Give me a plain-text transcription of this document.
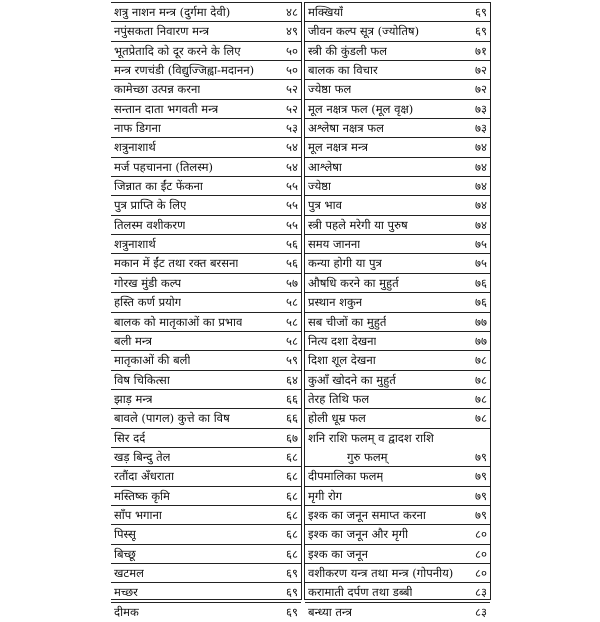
शत्रु नाशन मन्त्र (दुर्गमा देवी)	४८
नपुंसकता निवारण मन्त्र	४९
भूतप्रेतादि को दूर करने के लिए	५०
मन्त्र रणचंडी (विद्युज्जिह्वा-मदानन)	५०
कामेच्छा उत्पन्न करना	५२
सन्तान दाता भगवती मन्त्र	५२
नाफ डिगना	५३
शत्रुनाशार्थ	५४
मर्ज पहचानना (तिलस्म)	५४
जिन्नात का ईंट फेंकना	५५
पुत्र प्राप्ति के लिए	५५
तिलस्म वशीकरण	५५
शत्रुनाशार्थ	५६
मकान में ईंट तथा रक्त बरसना	५६
गोरख मुंडी कल्प	५७
हस्ति कर्ण प्रयोग	५८
बालक को मातृकाओं का प्रभाव	५८
बली मन्त्र	५८
मातृकाओं की बली	५९
विष चिकित्सा	६४
झाड़ मन्त्र	६६
बावले (पागल) कुत्ते का विष	६६
सिर दर्द	६७
खड़ बिन्दु तेल	६८
रतौंदा अँधराता	६८
मस्तिष्क कृमि	६८
साँप भगाना	६८
पिस्सू	६८
बिच्छू	६८
खटमल	६९
मच्छर	६९
दीमक	६९
मक्खियाँ	६९
जीवन कल्प सूत्र (ज्योतिष)	६९
स्त्री की कुंडली फल	७१
बालक का विचार	७२
ज्येष्ठा फल	७२
मूल नक्षत्र फल (मूल वृक्ष)	७३
अश्लेषा नक्षत्र फल	७३
मूल नक्षत्र मन्त्र	७४
आश्लेषा	७४
ज्येष्ठा	७४
पुत्र भाव	७४
स्त्री पहले मरेगी या पुरुष	७४
समय जानना	७५
कन्या होगी या पुत्र	७५
औषधि करने का मुहुर्त	७६
प्रस्थान शकुन	७६
सब चीजों का मुहुर्त	७७
नित्य दशा देखना	७७
दिशा शूल देखना	७८
कुआँ खोदने का मुहुर्त	७८
तेरह तिथि फल	७८
होली धूम्र फल	७८
शनि राशि फलम् व द्वादश राशि
गुरु फलम्	७९
दीपमालिका फलम्	७९
मृगी रोग	७९
इश्क का जनून समाप्त करना	७९
इश्क का जनून और मृगी	८०
इश्क का जनून	८०
वशीकरण यन्त्र तथा मन्त्र (गोपनीय) ८०
करामाती दर्पण तथा डब्बी	८३
बन्ध्या तन्त्र	८३
